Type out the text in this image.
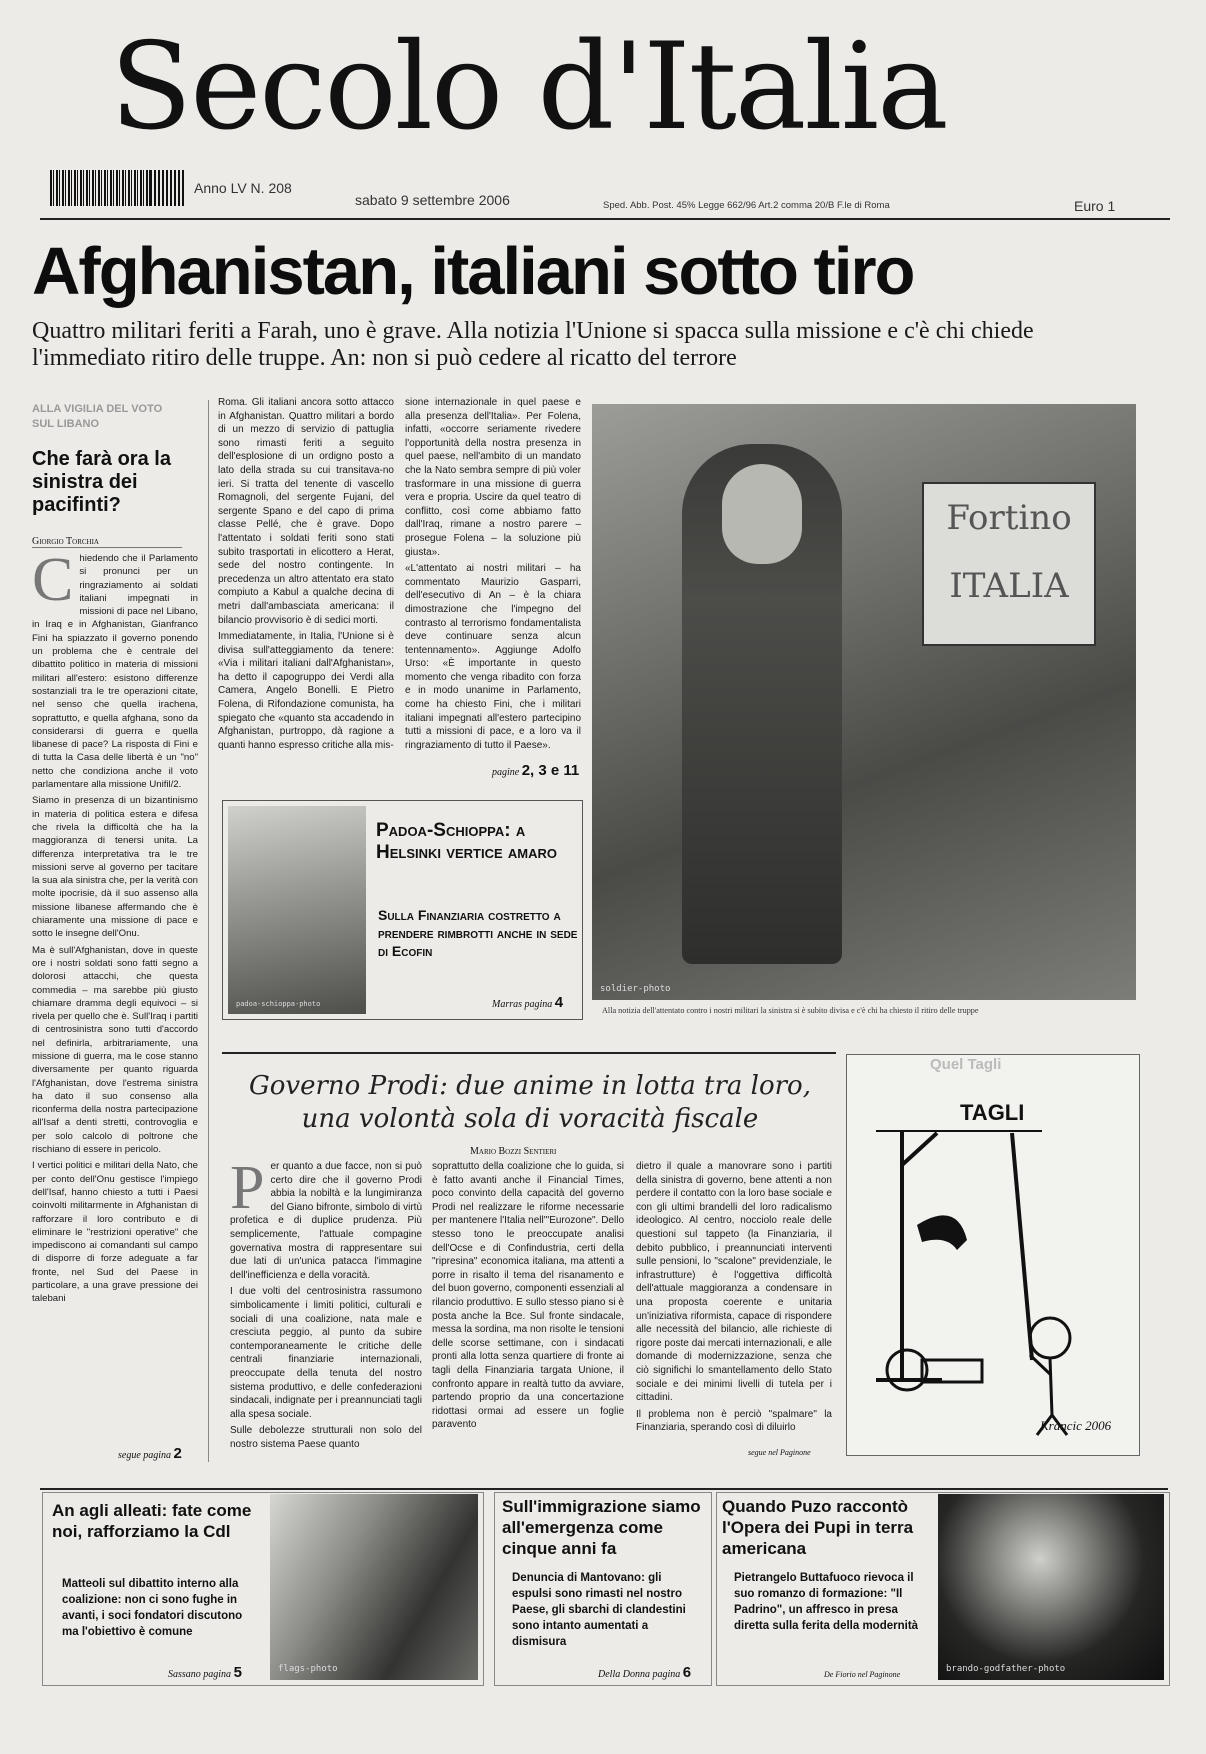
Secolo d'Italia
Anno LV N. 208
sabato 9 settembre 2006	Sped. Abb. Post. 45% Legge 662/96 Art.2 comma 20/B F.le di Roma	Euro 1
Afghanistan, italiani sotto tiro
Quattro militari feriti a Farah, uno è grave. Alla notizia l'Unione si spacca sulla missione e c'è chi chiede l'immediato ritiro delle truppe. An: non si può cedere al ricatto del terrore
ALLA VIGILIA DEL VOTO SUL LIBANO
Che farà ora la sinistra dei pacifinti?
Giorgio Torchia
C hiedendo che il Parlamento si pronunci per un ringraziamento ai soldati italiani impegnati in missioni di pace nel Libano, in Iraq e in Afghanistan, Gianfranco Fini ha spiazzato il governo ponendo un problema che è centrale del dibattito politico in materia di missioni militari all'estero: esistono differenze sostanziali tra le tre operazioni citate, nel senso che quella irachena, soprattutto, e quella afghana, sono da considerarsi di guerra e quella libanese di pace? La risposta di Fini e di tutta la Casa delle libertà è un "no" netto che condiziona anche il voto parlamentare alla missione Unifil/2.

Siamo in presenza di un bizantinismo in materia di politica estera e difesa che rivela la difficoltà che ha la maggioranza di tenersi unita. La differenza interpretativa tra le tre missioni serve al governo per tacitare la sua ala sinistra che, per la verità con molte ipocrisie, dà il suo assenso alla missione libanese affermando che è chiaramente una missione di pace e sotto le insegne dell'Onu.

Ma è sull'Afghanistan, dove in queste ore i nostri soldati sono fatti segno a dolorosi attacchi, che questa commedia – ma sarebbe più giusto chiamare dramma degli equivoci – si rivela per quello che è. Sull'Iraq i partiti di centrosinistra sono tutti d'accordo nel definirla, arbitrariamente, una missione di guerra, ma le cose stanno diversamente per quanto riguarda l'Afghanistan, dove l'estrema sinistra ha dato il suo consenso alla riconferma della nostra partecipazione all'Isaf a denti stretti, controvoglia e per solo calcolo di poltrone che rischiano di essere in pericolo.

I vertici politici e militari della Nato, che per conto dell'Onu gestisce l'impiego dell'Isaf, hanno chiesto a tutti i Paesi coinvolti militarmente in Afghanistan di rafforzare il loro contributo e di eliminare le "restrizioni operative" che impediscono ai comandanti sul campo di disporre di forze adeguate a far fronte, nel Sud del Paese in particolare, a una grave pressione dei talebani

segue pagina 2

Roma. Gli italiani ancora sotto attacco in Afghanistan. Quattro militari a bordo di un mezzo di servizio di pattuglia sono rimasti feriti a seguito dell'esplosione di un ordigno posto a lato della strada su cui transitava-no ieri. Si tratta del tenente di vascello Romagnoli, del sergente Fujani, del sergente Spano e del capo di prima classe Pellé, che è grave. Dopo l'attentato i soldati feriti sono stati subito trasportati in elicottero a Herat, sede del nostro contingente. In precedenza un altro attentato era stato compiuto a Kabul a qualche decina di metri dall'ambasciata americana: il bilancio provvisorio è di sedici morti.

Immediatamente, in Italia, l'Unione si è divisa sull'atteggiamento da tenere: «Via i militari italiani dall'Afghanistan», ha detto il capogruppo dei Verdi alla Camera, Angelo Bonelli. E Pietro Folena, di Rifondazione comunista, ha spiegato che «quanto sta accadendo in Afghanistan, purtroppo, dà ragione a quanti hanno espresso critiche alla mis-

sione internazionale in quel paese e alla presenza dell'Italia». Per Folena, infatti, «occorre seriamente rivedere l'opportunità della nostra presenza in quel paese, nell'ambito di un mandato che la Nato sembra sempre di più voler trasformare in una missione di guerra vera e propria. Uscire da quel teatro di conflitto, così come abbiamo fatto dall'Iraq, rimane a nostro parere – prosegue Folena – la soluzione più giusta».

«L'attentato ai nostri militari – ha commentato Maurizio Gasparri, dell'esecutivo di An – è la chiara dimostrazione che l'impegno del contrasto al terrorismo fondamentalista deve continuare senza alcun tentennamento». Aggiunge Adolfo Urso: «È importante in questo momento che venga ribadito con forza e in modo unanime in Parlamento, come ha chiesto Fini, che i militari italiani impegnati all'estero partecipino tutti a missioni di pace, e a loro va il ringraziamento di tutto il Paese».

pagine 2, 3 e 11
Fortino
ITALIA
soldier-photo
Alla notizia dell'attentato contro i nostri militari la sinistra si è subito divisa e c'è chi ha chiesto il ritiro delle truppe
padoa-schioppa-photo
Padoa-Schioppa: a Helsinki vertice amaro
Sulla Finanziaria costretto a prendere rimbrotti anche in sede di Ecofin
Marras pagina 4
Governo Prodi: due anime in lotta tra loro, una volontà sola di voracità fiscale
Mario Bozzi Sentieri
P er quanto a due facce, non si può certo dire che il governo Prodi abbia la nobiltà e la lungimiranza del Giano bifronte, simbolo di virtù profetica e di duplice prudenza. Più semplicemente, l'attuale compagine governativa mostra di rappresentare sui due lati di un'unica patacca l'immagine dell'inefficienza e della voracità.

I due volti del centrosinistra rassumono simbolicamente i limiti politici, culturali e sociali di una coalizione, nata male e cresciuta peggio, al punto da subire contemporaneamente le critiche delle centrali finanziarie internazionali, preoccupate della tenuta del nostro sistema produttivo, e delle confederazioni sindacali, indignate per i preannunciati tagli alla spesa sociale.

Sulle debolezze strutturali non solo del nostro sistema Paese quanto

soprattutto della coalizione che lo guida, si è fatto avanti anche il Financial Times, poco convinto della capacità del governo Prodi nel realizzare le riforme necessarie per mantenere l'Italia nell'"Eurozone". Dello stesso tono le preoccupate analisi dell'Ocse e di Confindustria, certi della "ripresina" economica italiana, ma attenti a porre in risalto il tema del risanamento e del buon governo, componenti essenziali al rilancio produttivo. E sullo stesso piano si è posta anche la Bce. Sul fronte sindacale, messa la sordina, ma non risolte le tensioni delle scorse settimane, con i sindacati pronti alla lotta senza quartiere di fronte ai tagli della Finanziaria targata Unione, il confronto appare in realtà tutto da avviare, partendo proprio da una concertazione ridottasi ormai ad essere un foglie paravento

dietro il quale a manovrare sono i partiti della sinistra di governo, bene attenti a non perdere il contatto con la loro base sociale e con gli ultimi brandelli del loro radicalismo ideologico. Al centro, nocciolo reale delle questioni sul tappeto (la Finanziaria, il debito pubblico, i preannunciati interventi sulle pensioni, lo "scalone" previdenziale, le infrastrutture) è l'oggettiva difficoltà dell'attuale maggioranza a condensare in una proposta coerente e unitaria un'iniziativa riformista, capace di rispondere alle necessità del bilancio, alle richieste di rigore poste dai mercati internazionali, e alle domande di modernizzazione, senza che ciò significhi lo smantellamento dello Stato sociale e dei minimi livelli di tutela per i cittadini.

Il problema non è perciò "spalmare" la Finanziaria, sperando così di diluirlo

segue nel Paginone
Quel Tagli
TAGLI
Krancic 2006
An agli alleati: fate come noi, rafforziamo la Cdl
Matteoli sul dibattito interno alla coalizione: non ci sono fughe in avanti, i soci fondatori discutono ma l'obiettivo è comune
Sassano pagina 5	flags-photo
Sull'immigrazione siamo all'emergenza come cinque anni fa
Denuncia di Mantovano: gli espulsi sono rimasti nel nostro Paese, gli sbarchi di clandestini sono intanto aumentati a dismisura
Della Donna pagina 6
Quando Puzo raccontò l'Opera dei Pupi in terra americana
Pietrangelo Buttafuoco rievoca il suo romanzo di formazione: "Il Padrino", un affresco in presa diretta sulla ferita della modernità
De Fiorio nel Paginone
brando-godfather-photo
